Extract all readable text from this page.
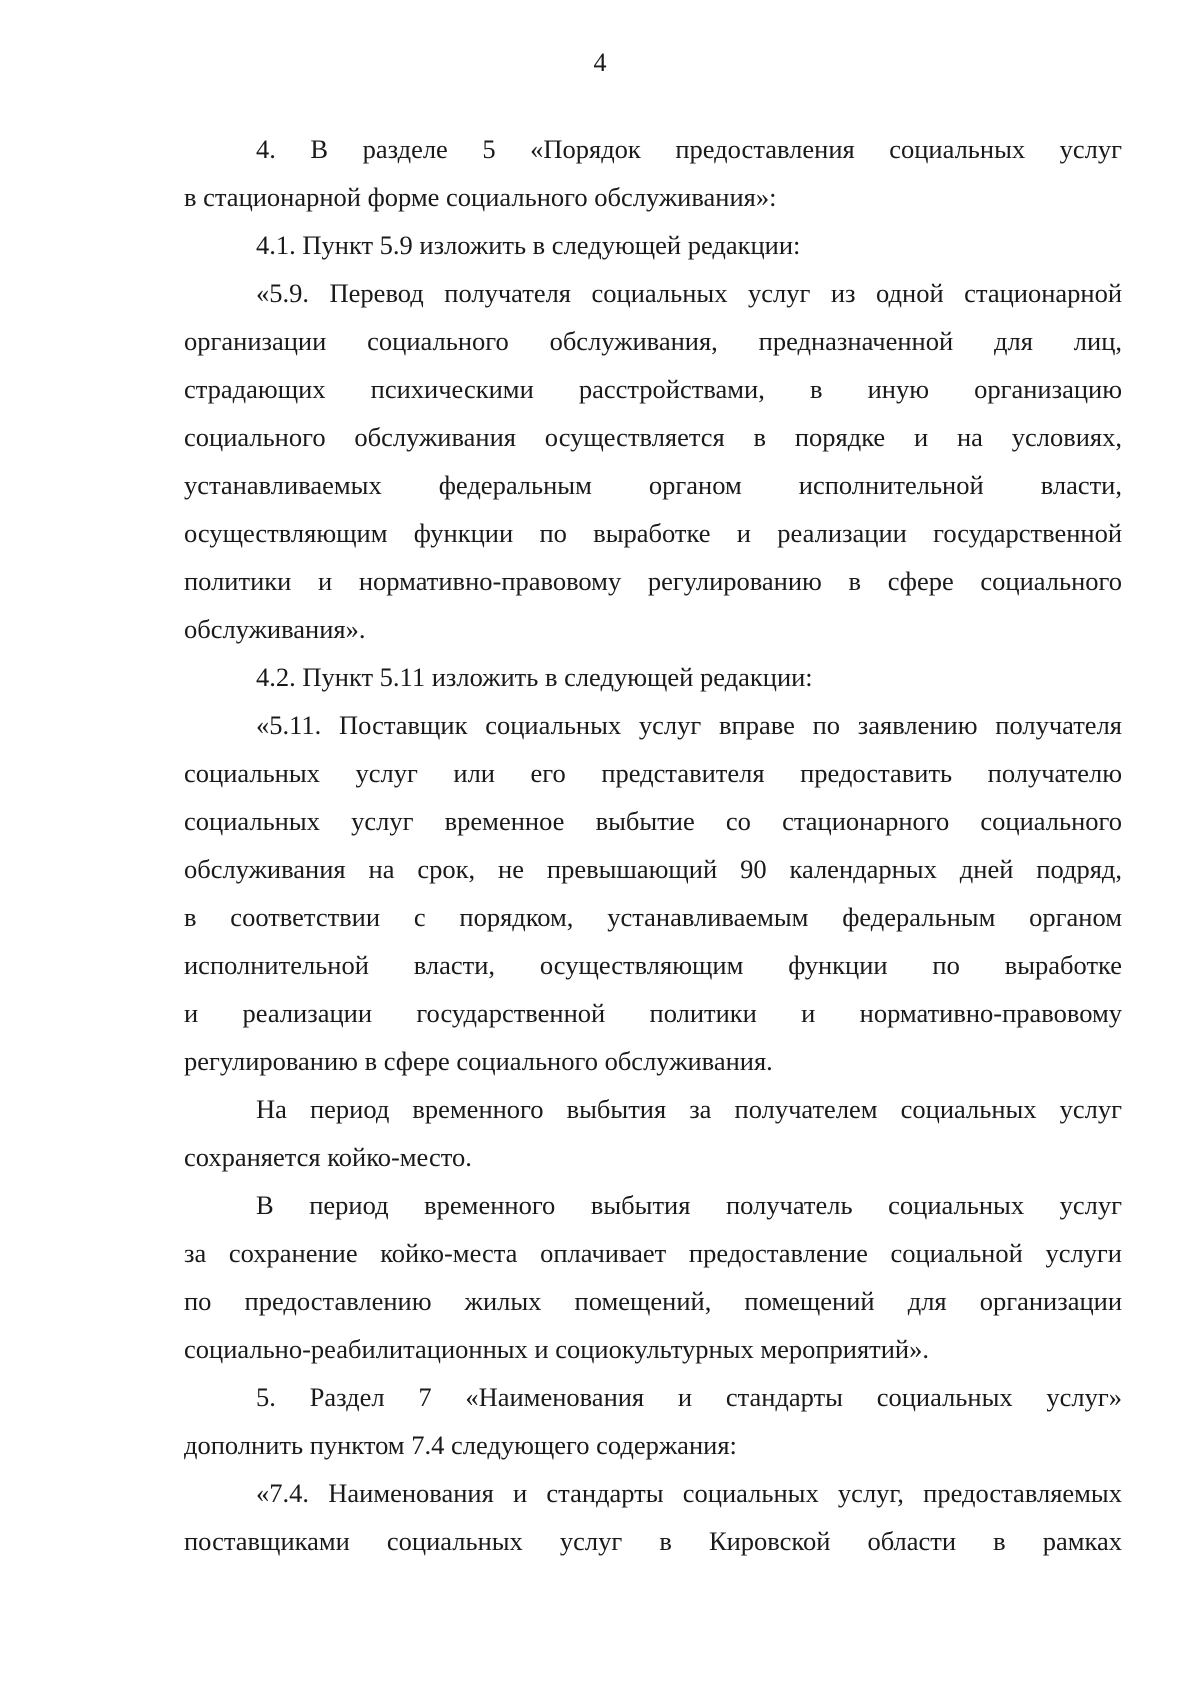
4
4. В разделе 5 «Порядок предоставления социальных услуг
в стационарной форме социального обслуживания»:
4.1. Пункт 5.9 изложить в следующей редакции:
«5.9. Перевод получателя социальных услуг из одной стационарной
организации социального обслуживания, предназначенной для лиц,
страдающих психическими расстройствами, в иную организацию
социального обслуживания осуществляется в порядке и на условиях,
устанавливаемых федеральным органом исполнительной власти,
осуществляющим функции по выработке и реализации государственной
политики и нормативно-правовому регулированию в сфере социального
обслуживания».
4.2. Пункт 5.11 изложить в следующей редакции:
«5.11. Поставщик социальных услуг вправе по заявлению получателя
социальных услуг или его представителя предоставить получателю
социальных услуг временное выбытие со стационарного социального
обслуживания на срок, не превышающий 90 календарных дней подряд,
в соответствии с порядком, устанавливаемым федеральным органом
исполнительной власти, осуществляющим функции по выработке
и реализации государственной политики и нормативно-правовому
регулированию в сфере социального обслуживания.
На период временного выбытия за получателем социальных услуг
сохраняется койко-место.
В период временного выбытия получатель социальных услуг
за сохранение койко-места оплачивает предоставление социальной услуги
по предоставлению жилых помещений, помещений для организации
социально-реабилитационных и социокультурных мероприятий».
5. Раздел 7 «Наименования и стандарты социальных услуг»
дополнить пунктом 7.4 следующего содержания:
«7.4. Наименования и стандарты социальных услуг, предоставляемых
поставщиками социальных услуг в Кировской области в рамках
